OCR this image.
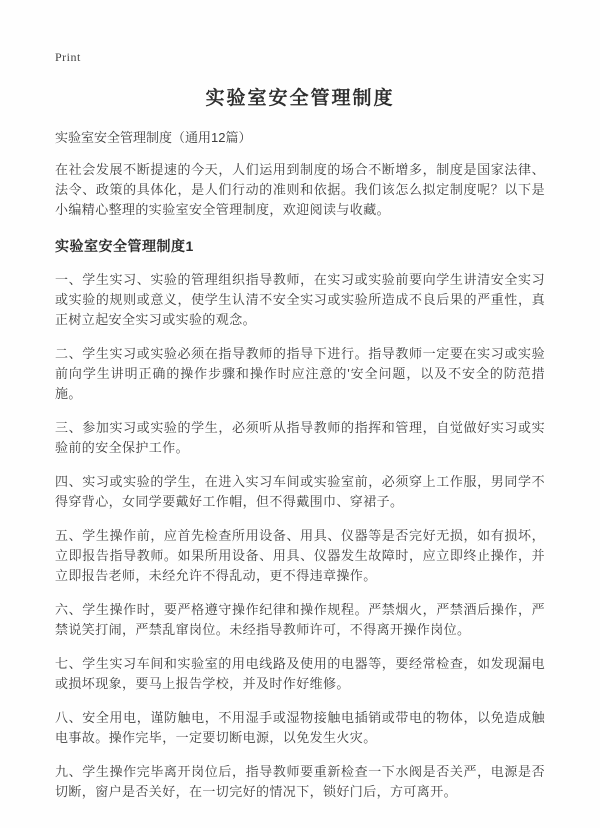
Print

实验室安全管理制度

实验室安全管理制度（通用12篇）

在社会发展不断提速的今天，人们运用到制度的场合不断增多，制度是国家法律、法令、政策的具体化，是人们行动的准则和依据。我们该怎么拟定制度呢？以下是小编精心整理的实验室安全管理制度，欢迎阅读与收藏。

实验室安全管理制度1

一、学生实习、实验的管理组织指导教师，在实习或实验前要向学生讲清安全实习或实验的规则或意义，使学生认清不安全实习或实验所造成不良后果的严重性，真正树立起安全实习或实验的观念。

二、学生实习或实验必须在指导教师的指导下进行。指导教师一定要在实习或实验前向学生讲明正确的操作步骤和操作时应注意的'安全问题，以及不安全的防范措施。

三、参加实习或实验的学生，必须听从指导教师的指挥和管理，自觉做好实习或实验前的安全保护工作。

四、实习或实验的学生，在进入实习车间或实验室前，必须穿上工作服，男同学不得穿背心，女同学要戴好工作帽，但不得戴围巾、穿裙子。

五、学生操作前，应首先检查所用设备、用具、仪器等是否完好无损，如有损坏，立即报告指导教师。如果所用设备、用具、仪器发生故障时，应立即终止操作，并立即报告老师，未经允许不得乱动，更不得违章操作。

六、学生操作时，要严格遵守操作纪律和操作规程。严禁烟火，严禁酒后操作，严禁说笑打闹，严禁乱窜岗位。未经指导教师许可，不得离开操作岗位。

七、学生实习车间和实验室的用电线路及使用的电器等，要经常检查，如发现漏电或损坏现象，要马上报告学校，并及时作好维修。

八、安全用电，谨防触电，不用湿手或湿物接触电插销或带电的物体，以免造成触电事故。操作完毕，一定要切断电源，以免发生火灾。

九、学生操作完毕离开岗位后，指导教师要重新检查一下水阀是否关严，电源是否切断，窗户是否关好，在一切完好的情况下，锁好门后，方可离开。
